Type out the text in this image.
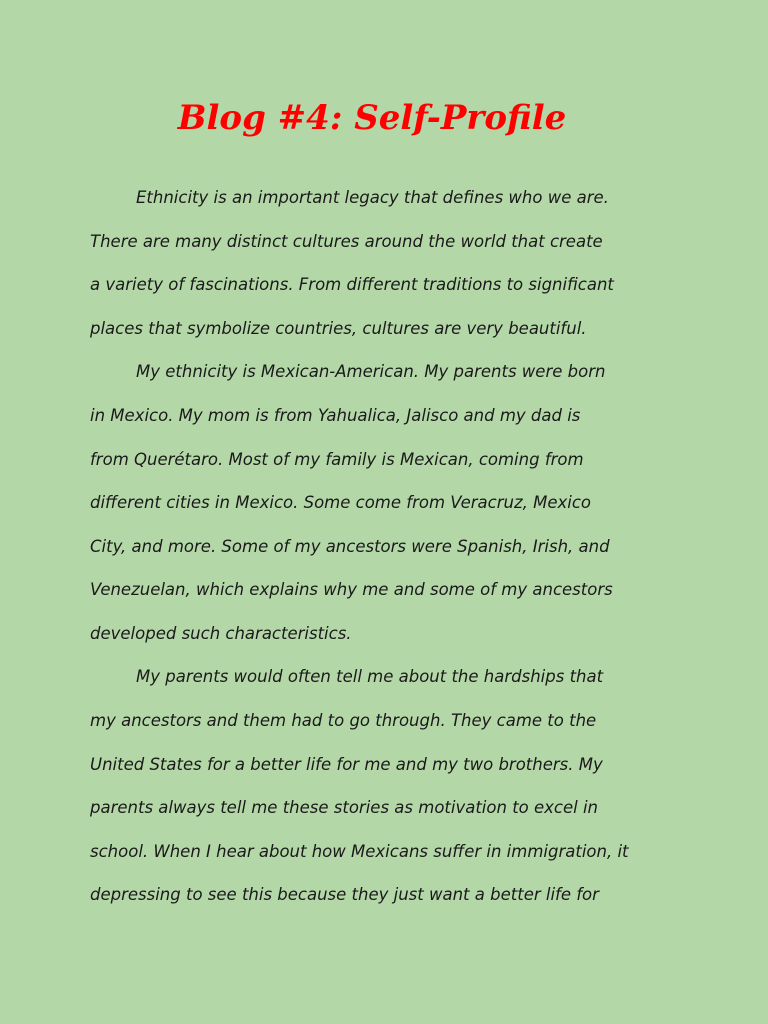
Blog #4: Self-Profile
Ethnicity is an important legacy that defines who we are.
There are many distinct cultures around the world that create
a variety of fascinations. From different traditions to significant
places that symbolize countries, cultures are very beautiful.
My ethnicity is Mexican-American. My parents were born
in Mexico. My mom is from Yahualica, Jalisco and my dad is
from Querétaro. Most of my family is Mexican, coming from
different cities in Mexico. Some come from Veracruz, Mexico
City, and more. Some of my ancestors were Spanish, Irish, and
Venezuelan, which explains why me and some of my ancestors
developed such characteristics.
My parents would often tell me about the hardships that
my ancestors and them had to go through. They came to the
United States for a better life for me and my two brothers. My
parents always tell me these stories as motivation to excel in
school. When I hear about how Mexicans suffer in immigration, it
depressing to see this because they just want a better life for
